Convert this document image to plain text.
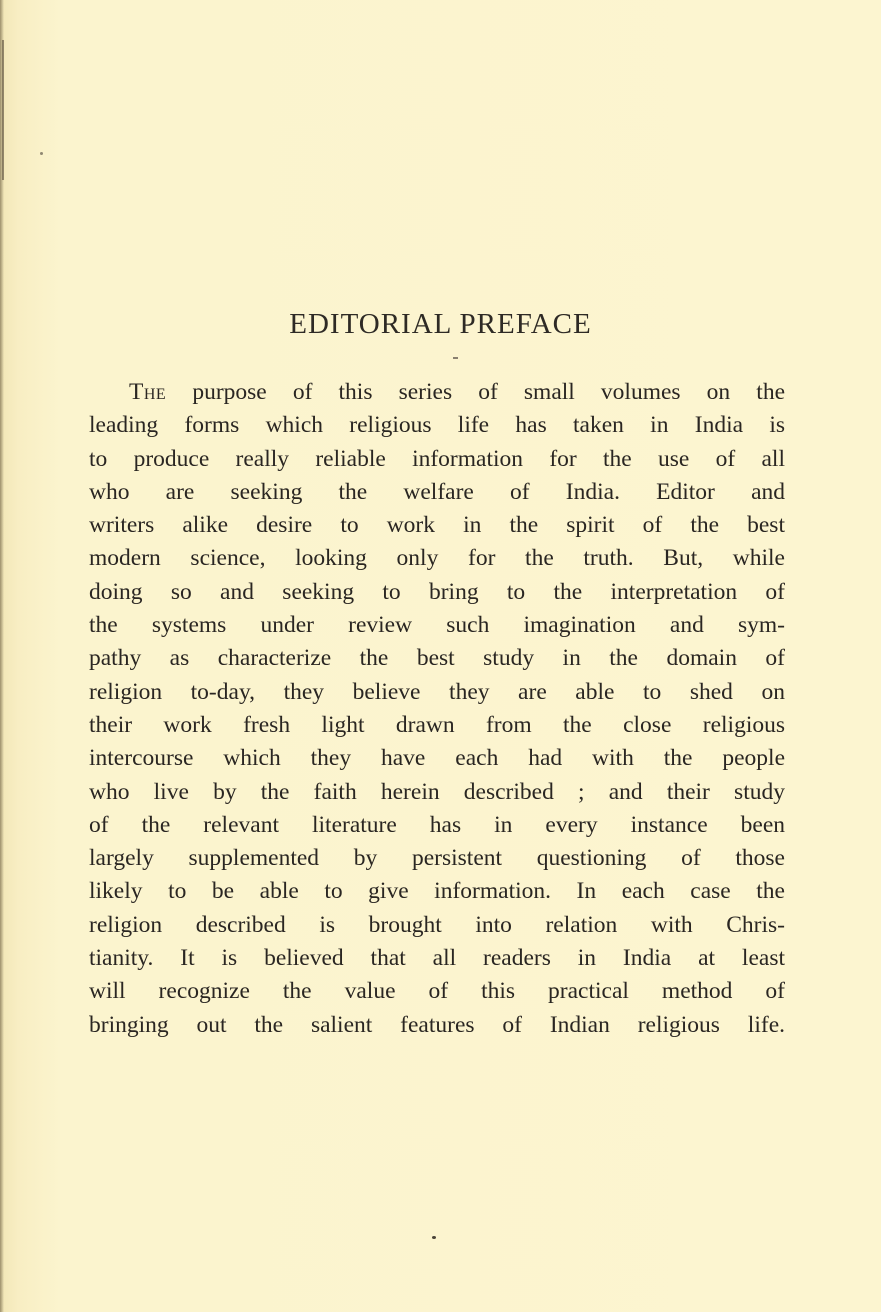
EDITORIAL PREFACE
The purpose of this series of small volumes on the
leading forms which religious life has taken in India is
to produce really reliable information for the use of all
who are seeking the welfare of India. Editor and
writers alike desire to work in the spirit of the best
modern science, looking only for the truth. But, while
doing so and seeking to bring to the interpretation of
the systems under review such imagination and sym-
pathy as characterize the best study in the domain of
religion to-day, they believe they are able to shed on
their work fresh light drawn from the close religious
intercourse which they have each had with the people
who live by the faith herein described ; and their study
of the relevant literature has in every instance been
largely supplemented by persistent questioning of those
likely to be able to give information. In each case the
religion described is brought into relation with Chris-
tianity. It is believed that all readers in India at least
will recognize the value of this practical method of
bringing out the salient features of Indian religious life.
